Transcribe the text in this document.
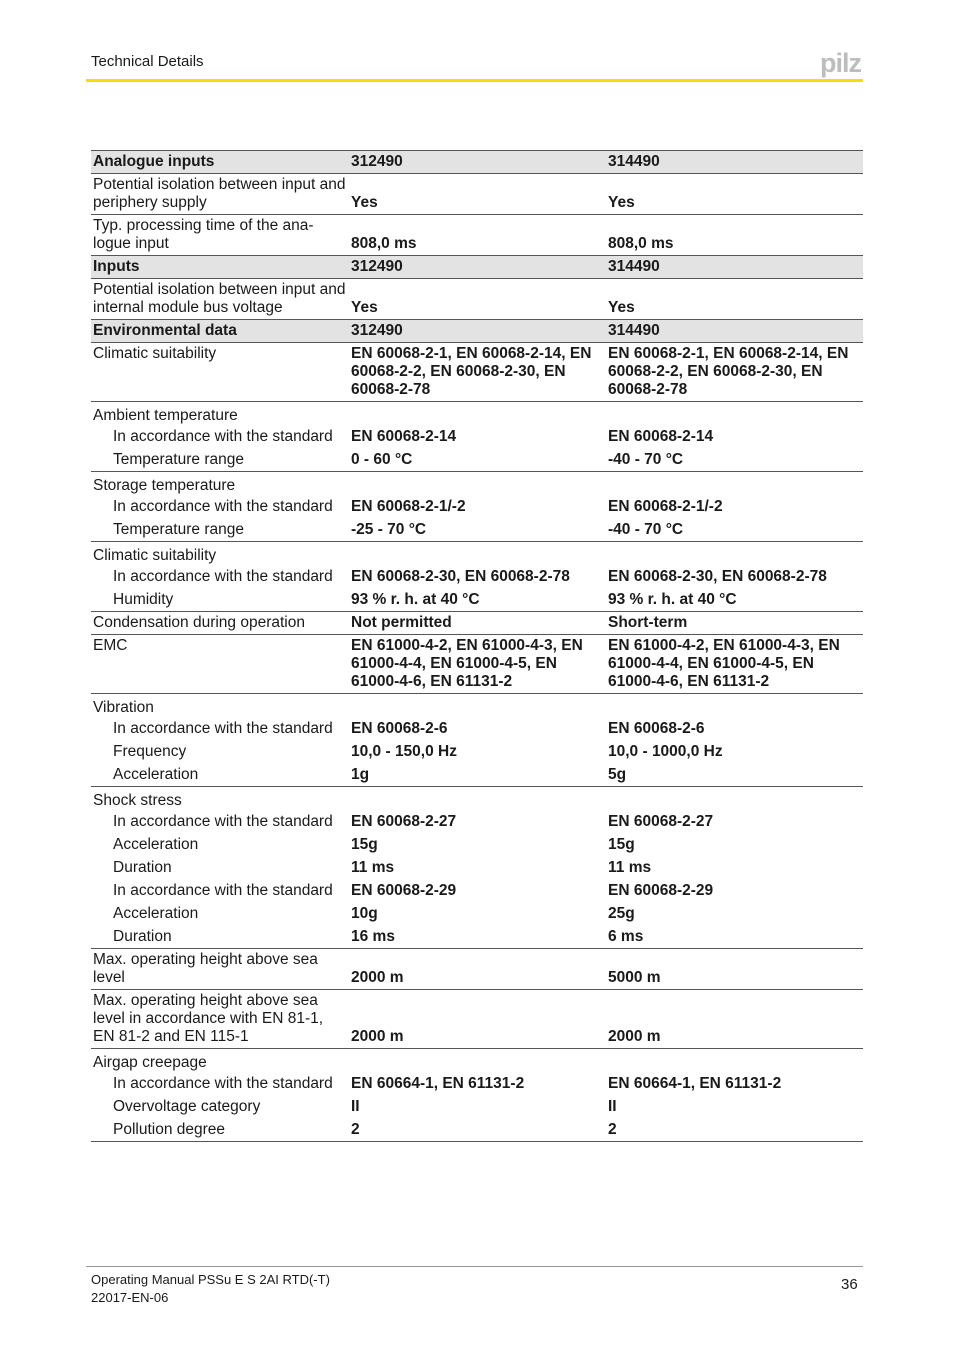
Technical Details	pilz
Analogue inputs	312490	314490
Potential isolation between input and periphery supply	Yes	Yes
Typ. processing time of the ana-logue input	808,0 ms	808,0 ms
Inputs	312490	314490
Potential isolation between input and internal module bus voltage	Yes	Yes
Environmental data	312490	314490
Climatic suitability	EN 60068-2-1, EN 60068-2-14, EN 60068-2-2, EN 60068-2-30, EN 60068-2-78	EN 60068-2-1, EN 60068-2-14, EN 60068-2-2, EN 60068-2-30, EN 60068-2-78
Ambient temperature		
In accordance with the standard	EN 60068-2-14	EN 60068-2-14
Temperature range	0 - 60 °C	-40 - 70 °C
Storage temperature		
In accordance with the standard	EN 60068-2-1/-2	EN 60068-2-1/-2
Temperature range	-25 - 70 °C	-40 - 70 °C
Climatic suitability		
In accordance with the standard	EN 60068-2-30, EN 60068-2-78	EN 60068-2-30, EN 60068-2-78
Humidity	93 % r. h. at 40 °C	93 % r. h. at 40 °C
Condensation during operation	Not permitted	Short-term
EMC	EN 61000-4-2, EN 61000-4-3, EN 61000-4-4, EN 61000-4-5, EN 61000-4-6, EN 61131-2	EN 61000-4-2, EN 61000-4-3, EN 61000-4-4, EN 61000-4-5, EN 61000-4-6, EN 61131-2
Vibration		
In accordance with the standard	EN 60068-2-6	EN 60068-2-6
Frequency	10,0 - 150,0 Hz	10,0 - 1000,0 Hz
Acceleration	1g	5g
Shock stress		
In accordance with the standard	EN 60068-2-27	EN 60068-2-27
Acceleration	15g	15g
Duration	11 ms	11 ms
In accordance with the standard	EN 60068-2-29	EN 60068-2-29
Acceleration	10g	25g
Duration	16 ms	6 ms
Max. operating height above sea level	2000 m	5000 m
Max. operating height above sea level in accordance with EN 81-1, EN 81-2 and EN 115-1	2000 m	2000 m
Airgap creepage		
In accordance with the standard	EN 60664-1, EN 61131-2	EN 60664-1, EN 61131-2
Overvoltage category	II	II
Pollution degree	2	2
Operating Manual PSSu E S 2AI RTD(-T)
22017-EN-06
36
